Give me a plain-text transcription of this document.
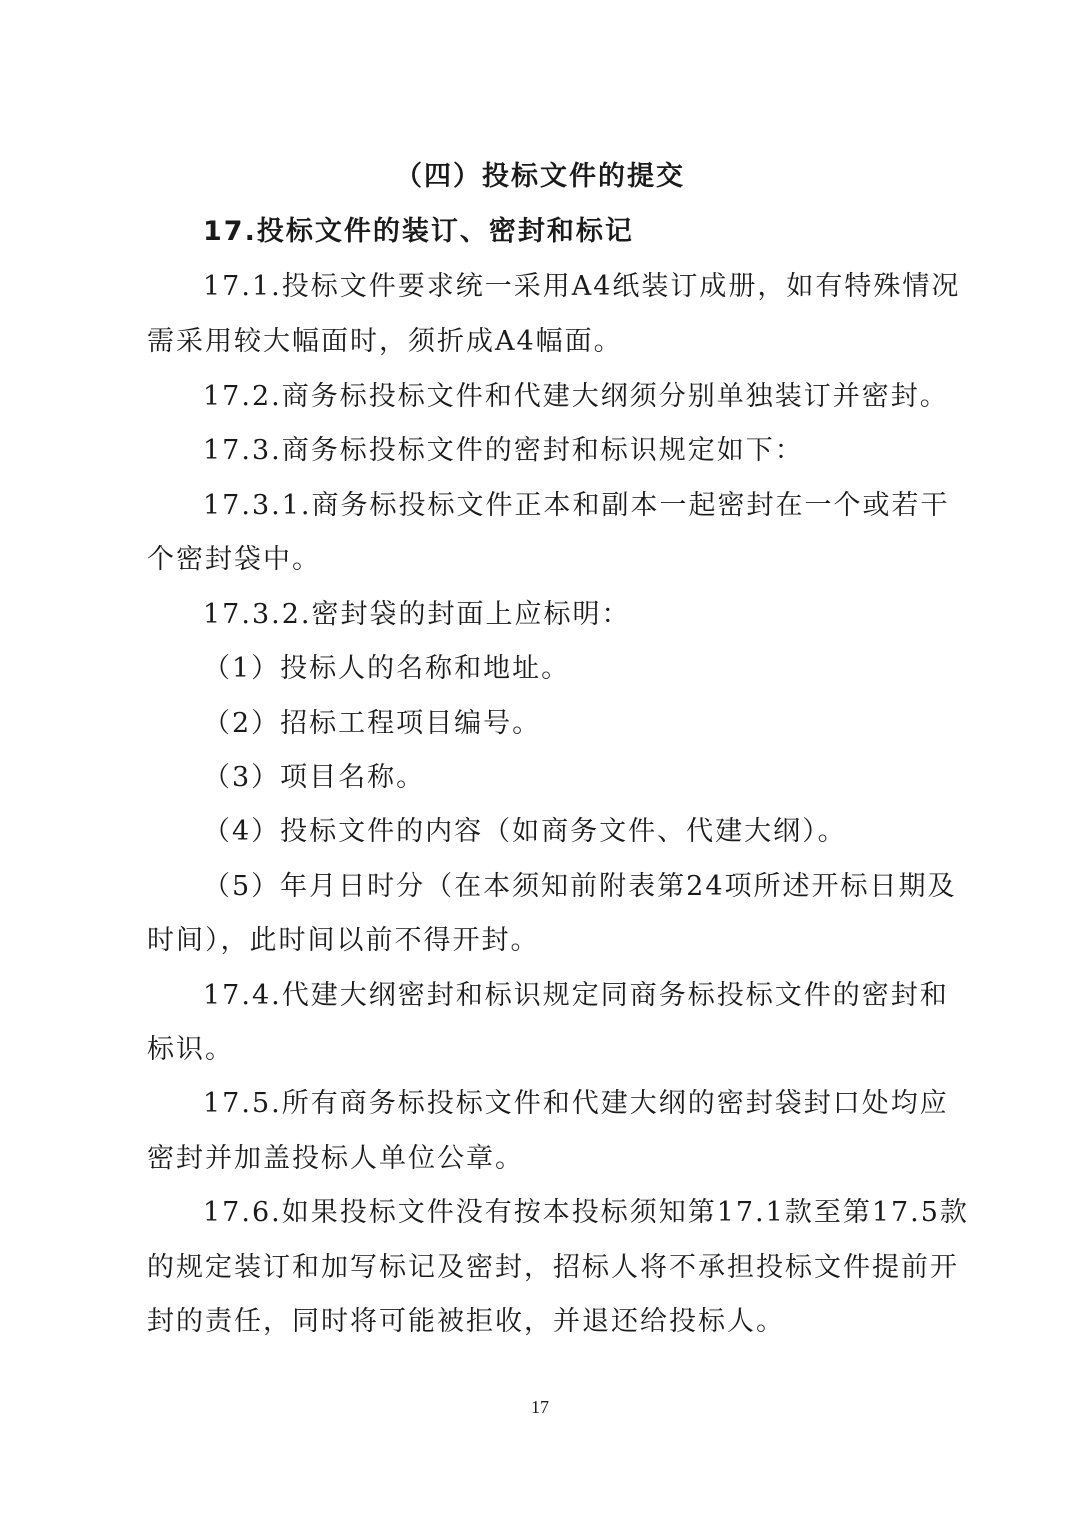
（四）投标文件的提交
17.投标文件的装订、密封和标记
17.1.投标文件要求统一采用A4纸装订成册，如有特殊情况
需采用较大幅面时，须折成A4幅面。
17.2.商务标投标文件和代建大纲须分别单独装订并密封。
17.3.商务标投标文件的密封和标识规定如下：
17.3.1.商务标投标文件正本和副本一起密封在一个或若干
个密封袋中。
17.3.2.密封袋的封面上应标明：
（1）投标人的名称和地址。
（2）招标工程项目编号。
（3）项目名称。
（4）投标文件的内容（如商务文件、代建大纲）。
（5）年月日时分（在本须知前附表第24项所述开标日期及
时间），此时间以前不得开封。
17.4.代建大纲密封和标识规定同商务标投标文件的密封和
标识。
17.5.所有商务标投标文件和代建大纲的密封袋封口处均应
密封并加盖投标人单位公章。
17.6.如果投标文件没有按本投标须知第17.1款至第17.5款
的规定装订和加写标记及密封，招标人将不承担投标文件提前开
封的责任，同时将可能被拒收，并退还给投标人。
17
